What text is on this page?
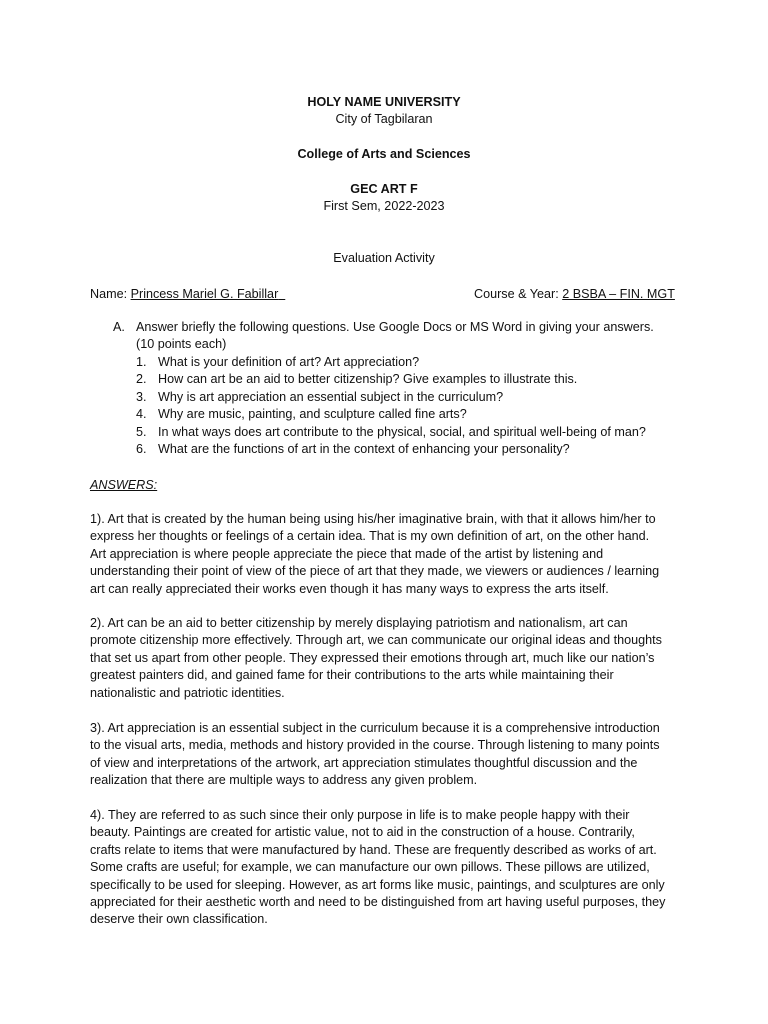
HOLY NAME UNIVERSITY
City of Tagbilaran
College of Arts and Sciences
GEC ART F
First Sem, 2022-2023
Evaluation Activity
Name: Princess Mariel G. Fabillar	Course & Year: 2 BSBA – FIN. MGT
A. Answer briefly the following questions. Use Google Docs or MS Word in giving your answers.
(10 points each)
1. What is your definition of art? Art appreciation?
2. How can art be an aid to better citizenship? Give examples to illustrate this.
3. Why is art appreciation an essential subject in the curriculum?
4. Why are music, painting, and sculpture called fine arts?
5. In what ways does art contribute to the physical, social, and spiritual well-being of man?
6. What are the functions of art in the context of enhancing your personality?
ANSWERS:
1). Art that is created by the human being using his/her imaginative brain, with that it allows him/her to
express her thoughts or feelings of a certain idea. That is my own definition of art, on the other hand.
Art appreciation is where people appreciate the piece that made of the artist by listening and
understanding their point of view of the piece of art that they made, we viewers or audiences / learning
art can really appreciated their works even though it has many ways to express the arts itself.
2). Art can be an aid to better citizenship by merely displaying patriotism and nationalism, art can
promote citizenship more effectively. Through art, we can communicate our original ideas and thoughts
that set us apart from other people. They expressed their emotions through art, much like our nation’s
greatest painters did, and gained fame for their contributions to the arts while maintaining their
nationalistic and patriotic identities.
3). Art appreciation is an essential subject in the curriculum because it is a comprehensive introduction
to the visual arts, media, methods and history provided in the course. Through listening to many points
of view and interpretations of the artwork, art appreciation stimulates thoughtful discussion and the
realization that there are multiple ways to address any given problem.
4). They are referred to as such since their only purpose in life is to make people happy with their
beauty. Paintings are created for artistic value, not to aid in the construction of a house. Contrarily,
crafts relate to items that were manufactured by hand. These are frequently described as works of art.
Some crafts are useful; for example, we can manufacture our own pillows. These pillows are utilized,
specifically to be used for sleeping. However, as art forms like music, paintings, and sculptures are only
appreciated for their aesthetic worth and need to be distinguished from art having useful purposes, they
deserve their own classification.
